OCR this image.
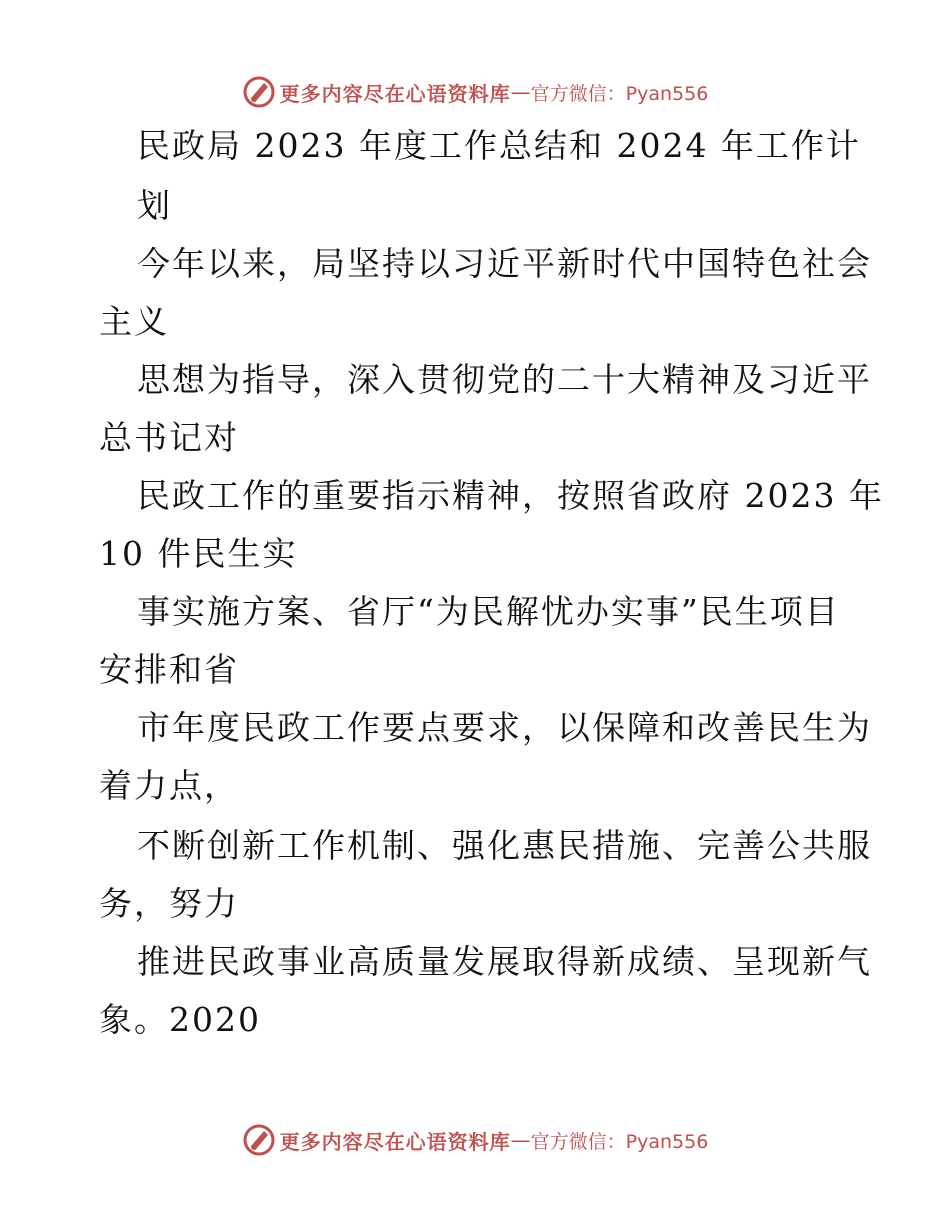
更多内容尽在心语资料库 — 官方微信：Pyan556
民政局 2023 年度工作总结和 2024 年工作计
划
今年以来，局坚持以习近平新时代中国特色社会
主义
思想为指导，深入贯彻党的二十大精神及习近平
总书记对
民政工作的重要指示精神，按照省政府 2023 年
10 件民生实
事实施方案、省厅“为民解忧办实事”民生项目
安排和省
市年度民政工作要点要求，以保障和改善民生为
着力点，
不断创新工作机制、强化惠民措施、完善公共服
务，努力
推进民政事业高质量发展取得新成绩、呈现新气
象。2020
更多内容尽在心语资料库 — 官方微信：Pyan556
